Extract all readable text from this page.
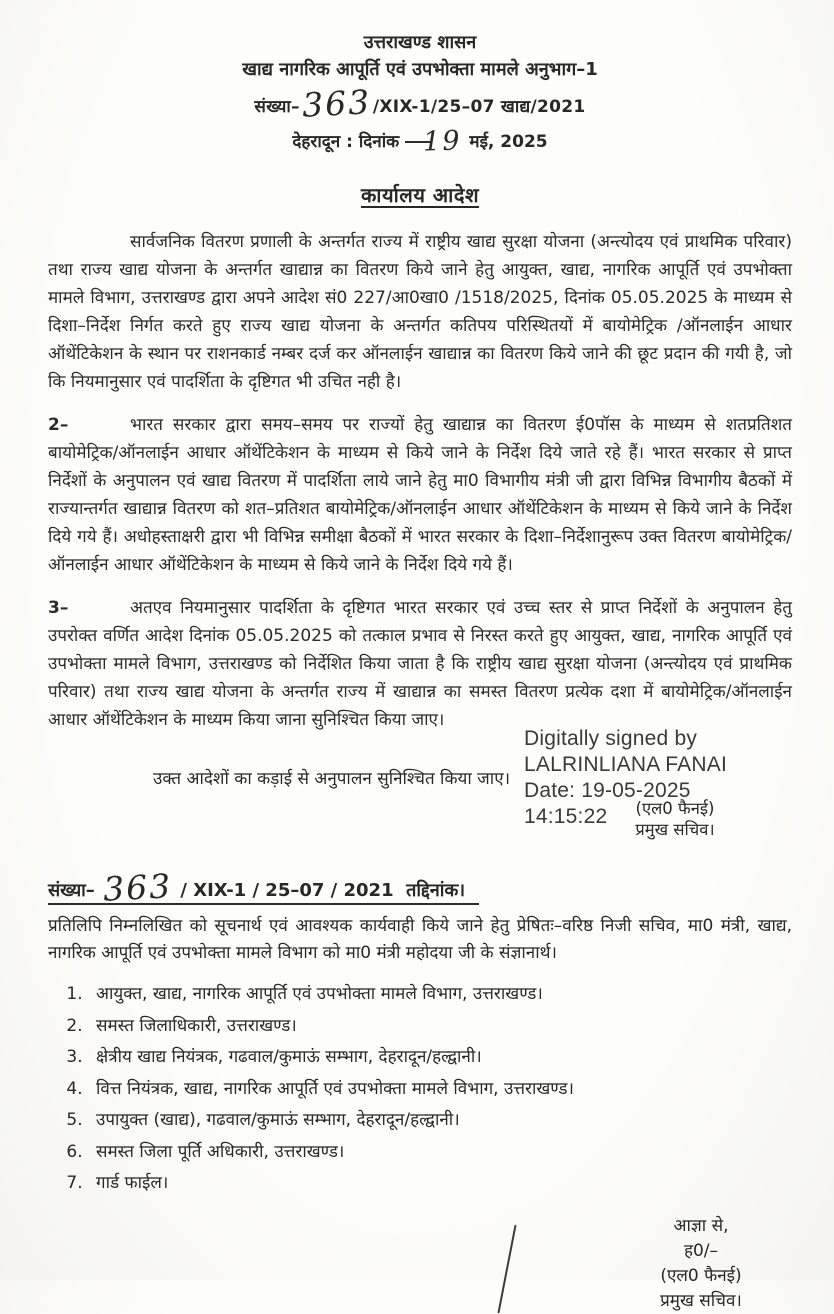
उत्तराखण्ड शासन
खाद्य नागरिक आपूर्ति एवं उपभोक्ता मामले अनुभाग–1
संख्या–363/XIX-1/25–07 खाद्य/2021
देहरादून : दिनांक 19 मई, 2025
कार्यालय आदेश

सार्वजनिक वितरण प्रणाली के अन्तर्गत राज्य में राष्ट्रीय खाद्य सुरक्षा योजना (अन्त्योदय एवं प्राथमिक परिवार) तथा राज्य खाद्य योजना के अन्तर्गत खाद्यान्न का वितरण किये जाने हेतु आयुक्त, खाद्य, नागरिक आपूर्ति एवं उपभोक्ता मामले विभाग, उत्तराखण्ड द्वारा अपने आदेश सं0 227/आ0खा0 /1518/2025, दिनांक 05.05.2025 के माध्यम से दिशा–निर्देश निर्गत करते हुए राज्य खाद्य योजना के अन्तर्गत कतिपय परिस्थितयों में बायोमेट्रिक /ऑनलाईन आधार ऑथेंटिकेशन के स्थान पर राशनकार्ड नम्बर दर्ज कर ऑनलाईन खाद्यान्न का वितरण किये जाने की छूट प्रदान की गयी है, जो कि नियमानुसार एवं पादर्शिता के दृष्टिगत भी उचित नही है।

2–	भारत सरकार द्वारा समय–समय पर राज्यों हेतु खाद्यान्न का वितरण ई0पॉस के माध्यम से शतप्रतिशत बायोमेट्रिक/ऑनलाईन आधार ऑथेंटिकेशन के माध्यम से किये जाने के निर्देश दिये जाते रहे हैं। भारत सरकार से प्राप्त निर्देशों के अनुपालन एवं खाद्य वितरण में पादर्शिता लाये जाने हेतु मा0 विभागीय मंत्री जी द्वारा विभिन्न विभागीय बैठकों में राज्यान्तर्गत खाद्यान्न वितरण को शत–प्रतिशत बायोमेट्रिक/ऑनलाईन आधार ऑथेंटिकेशन के माध्यम से किये जाने के निर्देश दिये गये हैं। अधोहस्ताक्षरी द्वारा भी विभिन्न समीक्षा बैठकों में भारत सरकार के दिशा–निर्देशानुरूप उक्त वितरण बायोमेट्रिक/ऑनलाईन आधार ऑथेंटिकेशन के माध्यम से किये जाने के निर्देश दिये गये हैं।

3–	अतएव नियमानुसार पादर्शिता के दृष्टिगत भारत सरकार एवं उच्च स्तर से प्राप्त निर्देशों के अनुपालन हेतु उपरोक्त वर्णित आदेश दिनांक 05.05.2025 को तत्काल प्रभाव से निरस्त करते हुए आयुक्त, खाद्य, नागरिक आपूर्ति एवं उपभोक्ता मामले विभाग, उत्तराखण्ड को निर्देशित किया जाता है कि राष्ट्रीय खाद्य सुरक्षा योजना (अन्त्योदय एवं प्राथमिक परिवार) तथा राज्य खाद्य योजना के अन्तर्गत राज्य में खाद्यान्न का समस्त वितरण प्रत्येक दशा में बायोमेट्रिक/ऑनलाईन आधार ऑथेंटिकेशन के माध्यम किया जाना सुनिश्चित किया जाए।

उक्त आदेशों का कड़ाई से अनुपालन सुनिश्चित किया जाए।
Digitally signed by
LALRINLIANA FANAI
Date: 19-05-2025
14:15:22	(एल0 फैनई)
प्रमुख सचिव।
संख्या– 363 / XIX-1 / 25–07 / 2021 तद्दिनांक।

प्रतिलिपि निम्नलिखित को सूचनार्थ एवं आवश्यक कार्यवाही किये जाने हेतु प्रेषितः–वरिष्ठ निजी सचिव, मा0 मंत्री, खाद्य, नागरिक आपूर्ति एवं उपभोक्ता मामले विभाग को मा0 मंत्री महोदया जी के संज्ञानार्थ।

1. आयुक्त, खाद्य, नागरिक आपूर्ति एवं उपभोक्ता मामले विभाग, उत्तराखण्ड।
2. समस्त जिलाधिकारी, उत्तराखण्ड।
3. क्षेत्रीय खाद्य नियंत्रक, गढवाल/कुमाऊं सम्भाग, देहरादून/हल्द्वानी।
4. वित्त नियंत्रक, खाद्य, नागरिक आपूर्ति एवं उपभोक्ता मामले विभाग, उत्तराखण्ड।
5. उपायुक्त (खाद्य), गढवाल/कुमाऊं सम्भाग, देहरादून/हल्द्वानी।
6. समस्त जिला पूर्ति अधिकारी, उत्तराखण्ड।
7. गार्ड फाईल।
आज्ञा से,
ह0/–
(एल0 फैनई)
प्रमुख सचिव।
